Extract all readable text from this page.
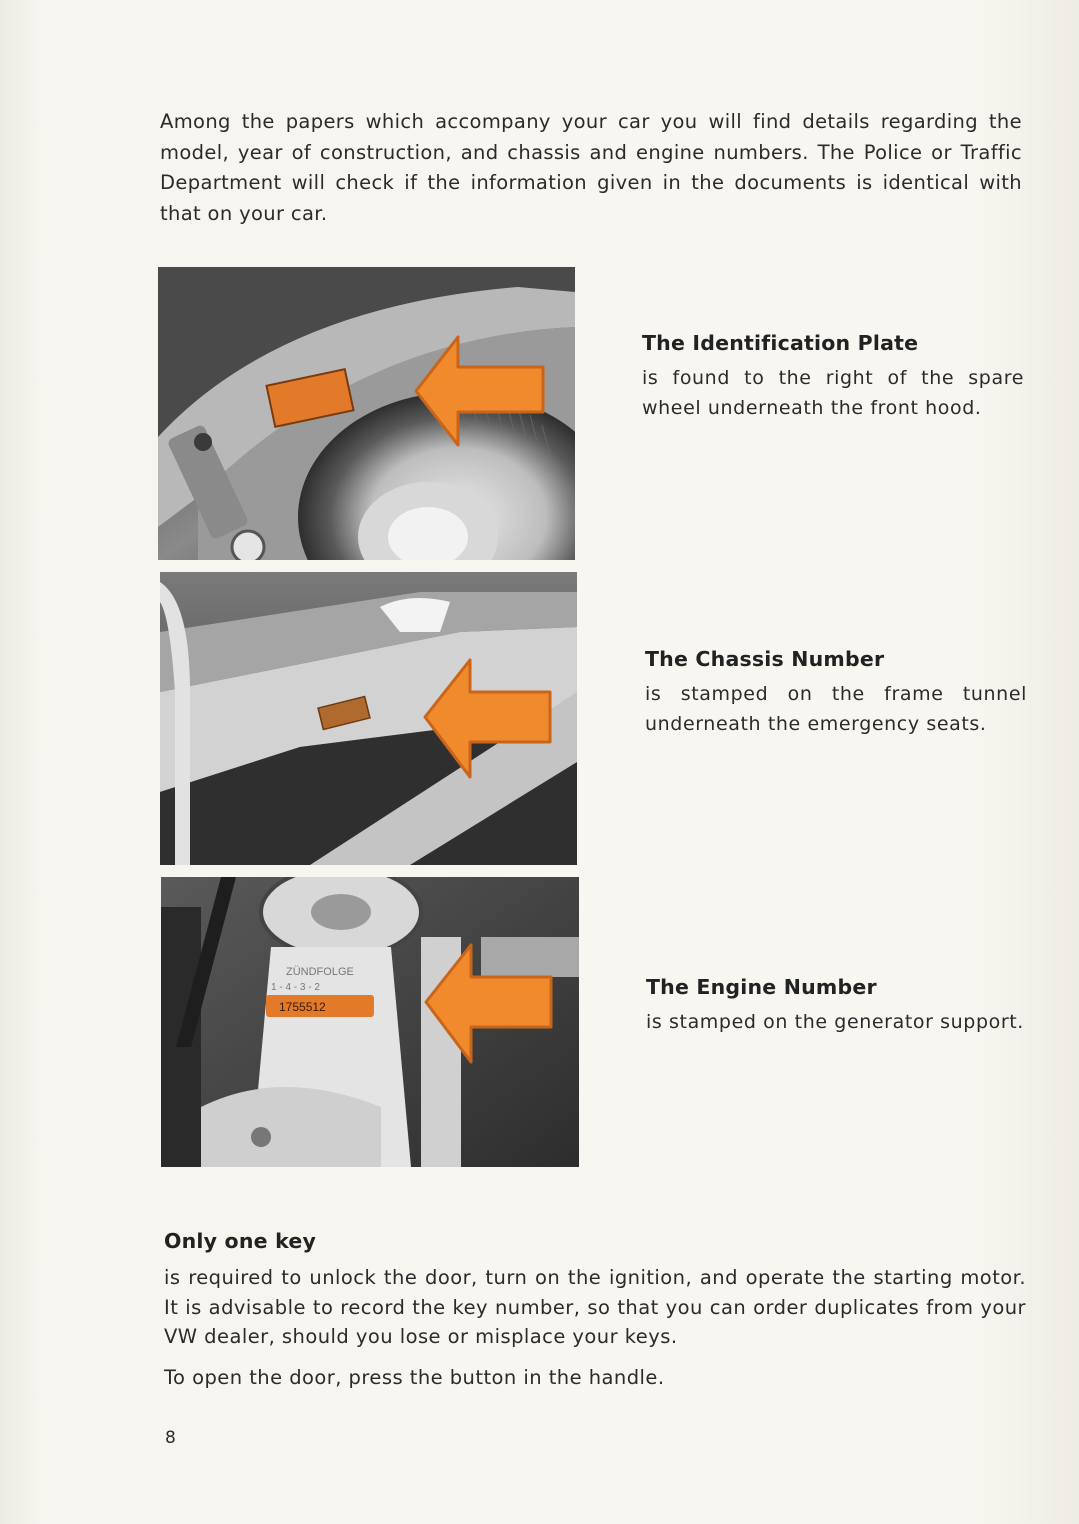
Among the papers which accompany your car you will find details regarding the model, year of construction, and chassis and engine numbers. The Police or Traffic Department will check if the information given in the documents is identical with that on your car.

ZÜNDFOLGE
1 - 4 - 3 - 2
1755512
The Identification Plate

is found to the right of the spare wheel underneath the front hood.

The Chassis Number

is stamped on the frame tunnel underneath the emergency seats.

The Engine Number

is stamped on the generator support.

Only one key

is required to unlock the door, turn on the ignition, and operate the starting motor. It is advisable to record the key number, so that you can order duplicates from your VW dealer, should you lose or misplace your keys.

To open the door, press the button in the handle.

8
